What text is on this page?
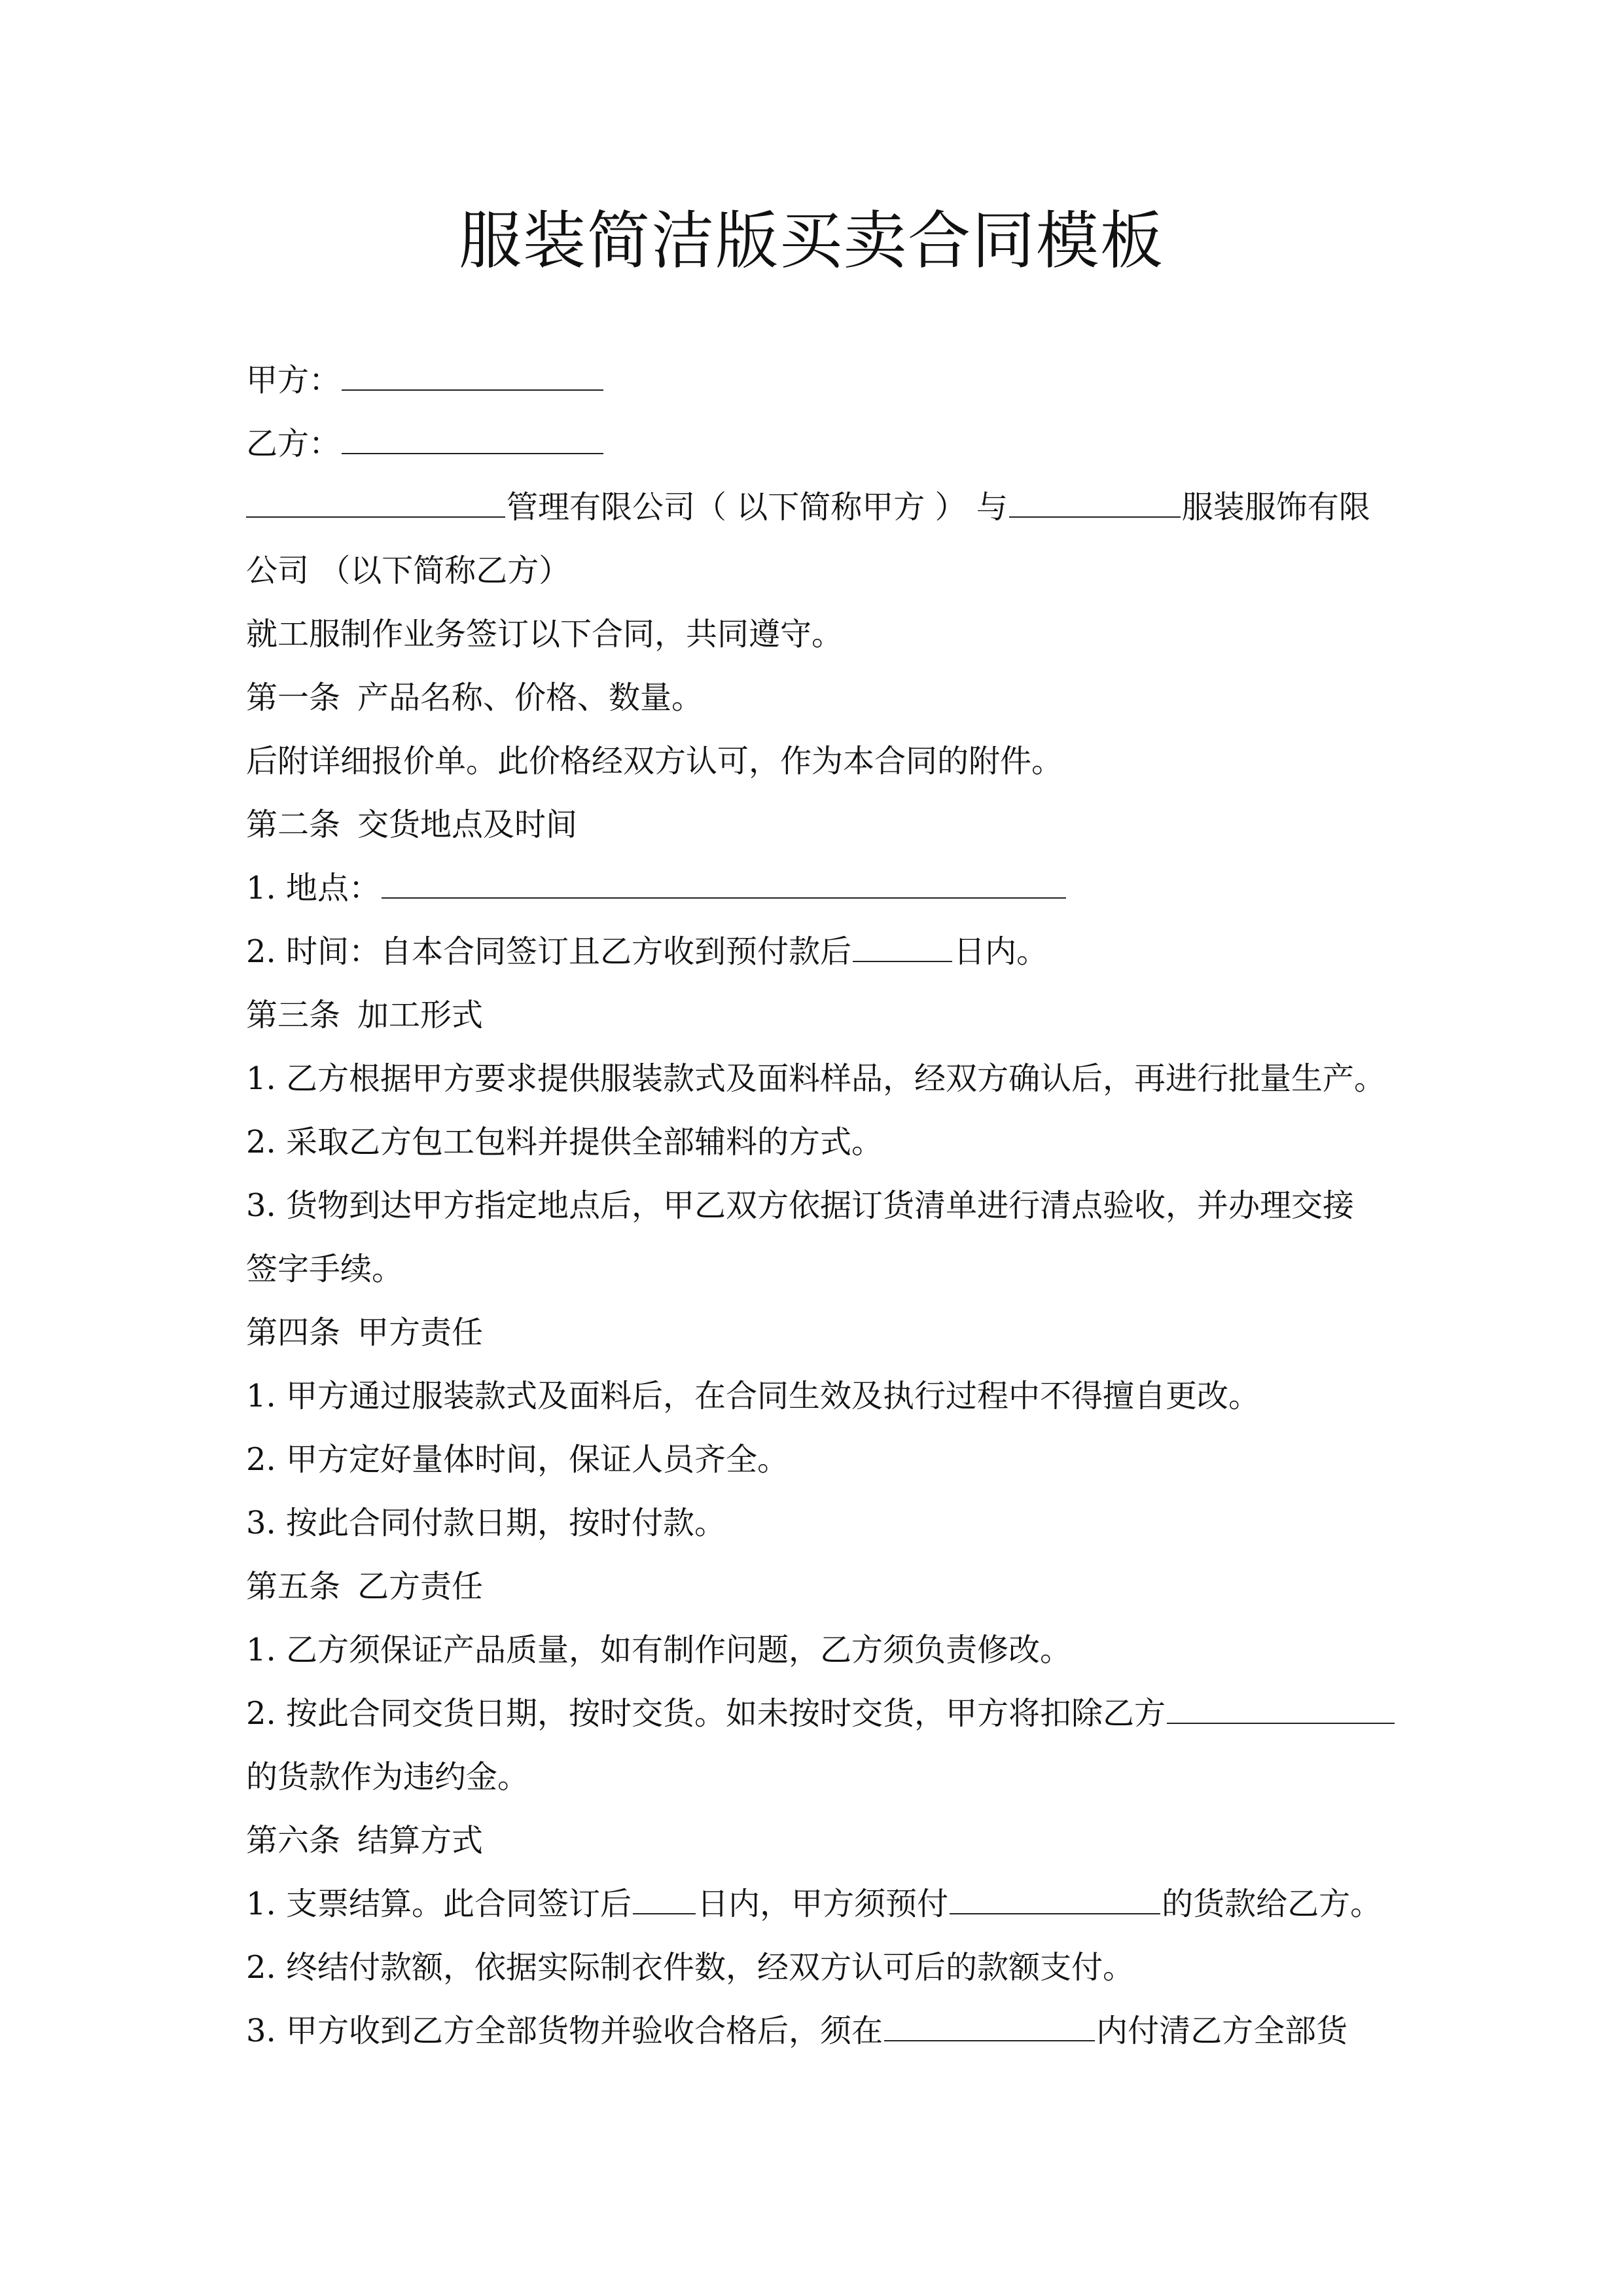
服装简洁版买卖合同模板
甲方：
乙方：
管理有限公司（ 以下简称甲方 ） 与	服装服饰有限
公司 （以下简称乙方）
就工服制作业务签订以下合同，共同遵守。
第一条 产品名称、价格、数量。
后附详细报价单。此价格经双方认可，作为本合同的附件。
第二条 交货地点及时间
1. 地点：
2. 时间：自本合同签订且乙方收到预付款后	日内。
第三条 加工形式
1. 乙方根据甲方要求提供服装款式及面料样品，经双方确认后，再进行批量生产。
2. 采取乙方包工包料并提供全部辅料的方式。
3. 货物到达甲方指定地点后，甲乙双方依据订货清单进行清点验收，并办理交接
签字手续。
第四条 甲方责任
1. 甲方通过服装款式及面料后，在合同生效及执行过程中不得擅自更改。
2. 甲方定好量体时间，保证人员齐全。
3. 按此合同付款日期，按时付款。
第五条 乙方责任
1. 乙方须保证产品质量，如有制作问题，乙方须负责修改。
2. 按此合同交货日期，按时交货。如未按时交货，甲方将扣除乙方
的货款作为违约金。
第六条 结算方式
1. 支票结算。此合同签订后 日内，甲方须预付	的货款给乙方。
2. 终结付款额，依据实际制衣件数，经双方认可后的款额支付。
3. 甲方收到乙方全部货物并验收合格后，须在	内付清乙方全部货
